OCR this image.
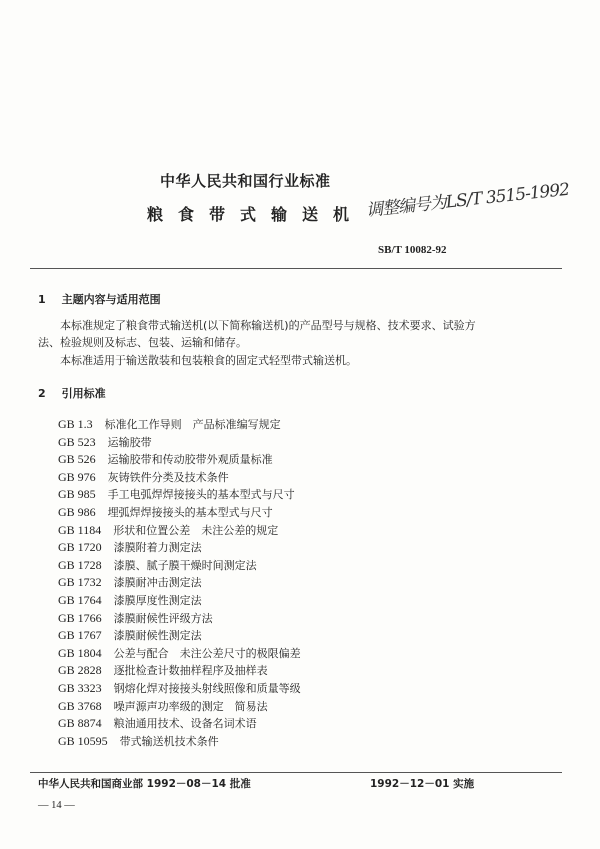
中华人民共和国行业标准
粮食带式输送机 调整编号为LS/T 3515-1992
SB/T 10082-92
1 主题内容与适用范围
本标准规定了粮食带式输送机(以下简称输送机)的产品型号与规格、技术要求、试验方
法、检验规则及标志、包装、运输和储存。
本标准适用于输送散装和包装粮食的固定式轻型带式输送机。
2 引用标准
GB 1.3 标准化工作导则　产品标准编写规定
GB 523 运输胶带
GB 526 运输胶带和传动胶带外观质量标准
GB 976 灰铸铁件分类及技术条件
GB 985 手工电弧焊焊接接头的基本型式与尺寸
GB 986 埋弧焊焊接接头的基本型式与尺寸
GB 1184 形状和位置公差　未注公差的规定
GB 1720 漆膜附着力测定法
GB 1728 漆膜、腻子膜干燥时间测定法
GB 1732 漆膜耐冲击测定法
GB 1764 漆膜厚度性测定法
GB 1766 漆膜耐候性评级方法
GB 1767 漆膜耐候性测定法
GB 1804 公差与配合　未注公差尺寸的极限偏差
GB 2828 逐批检查计数抽样程序及抽样表
GB 3323 钢熔化焊对接接头射线照像和质量等级
GB 3768 噪声源声功率级的测定　简易法
GB 8874 粮油通用技术、设备名词术语
GB 10595 带式输送机技术条件
中华人民共和国商业部 1992－08－14 批准	1992－12－01 实施
— 14 —
